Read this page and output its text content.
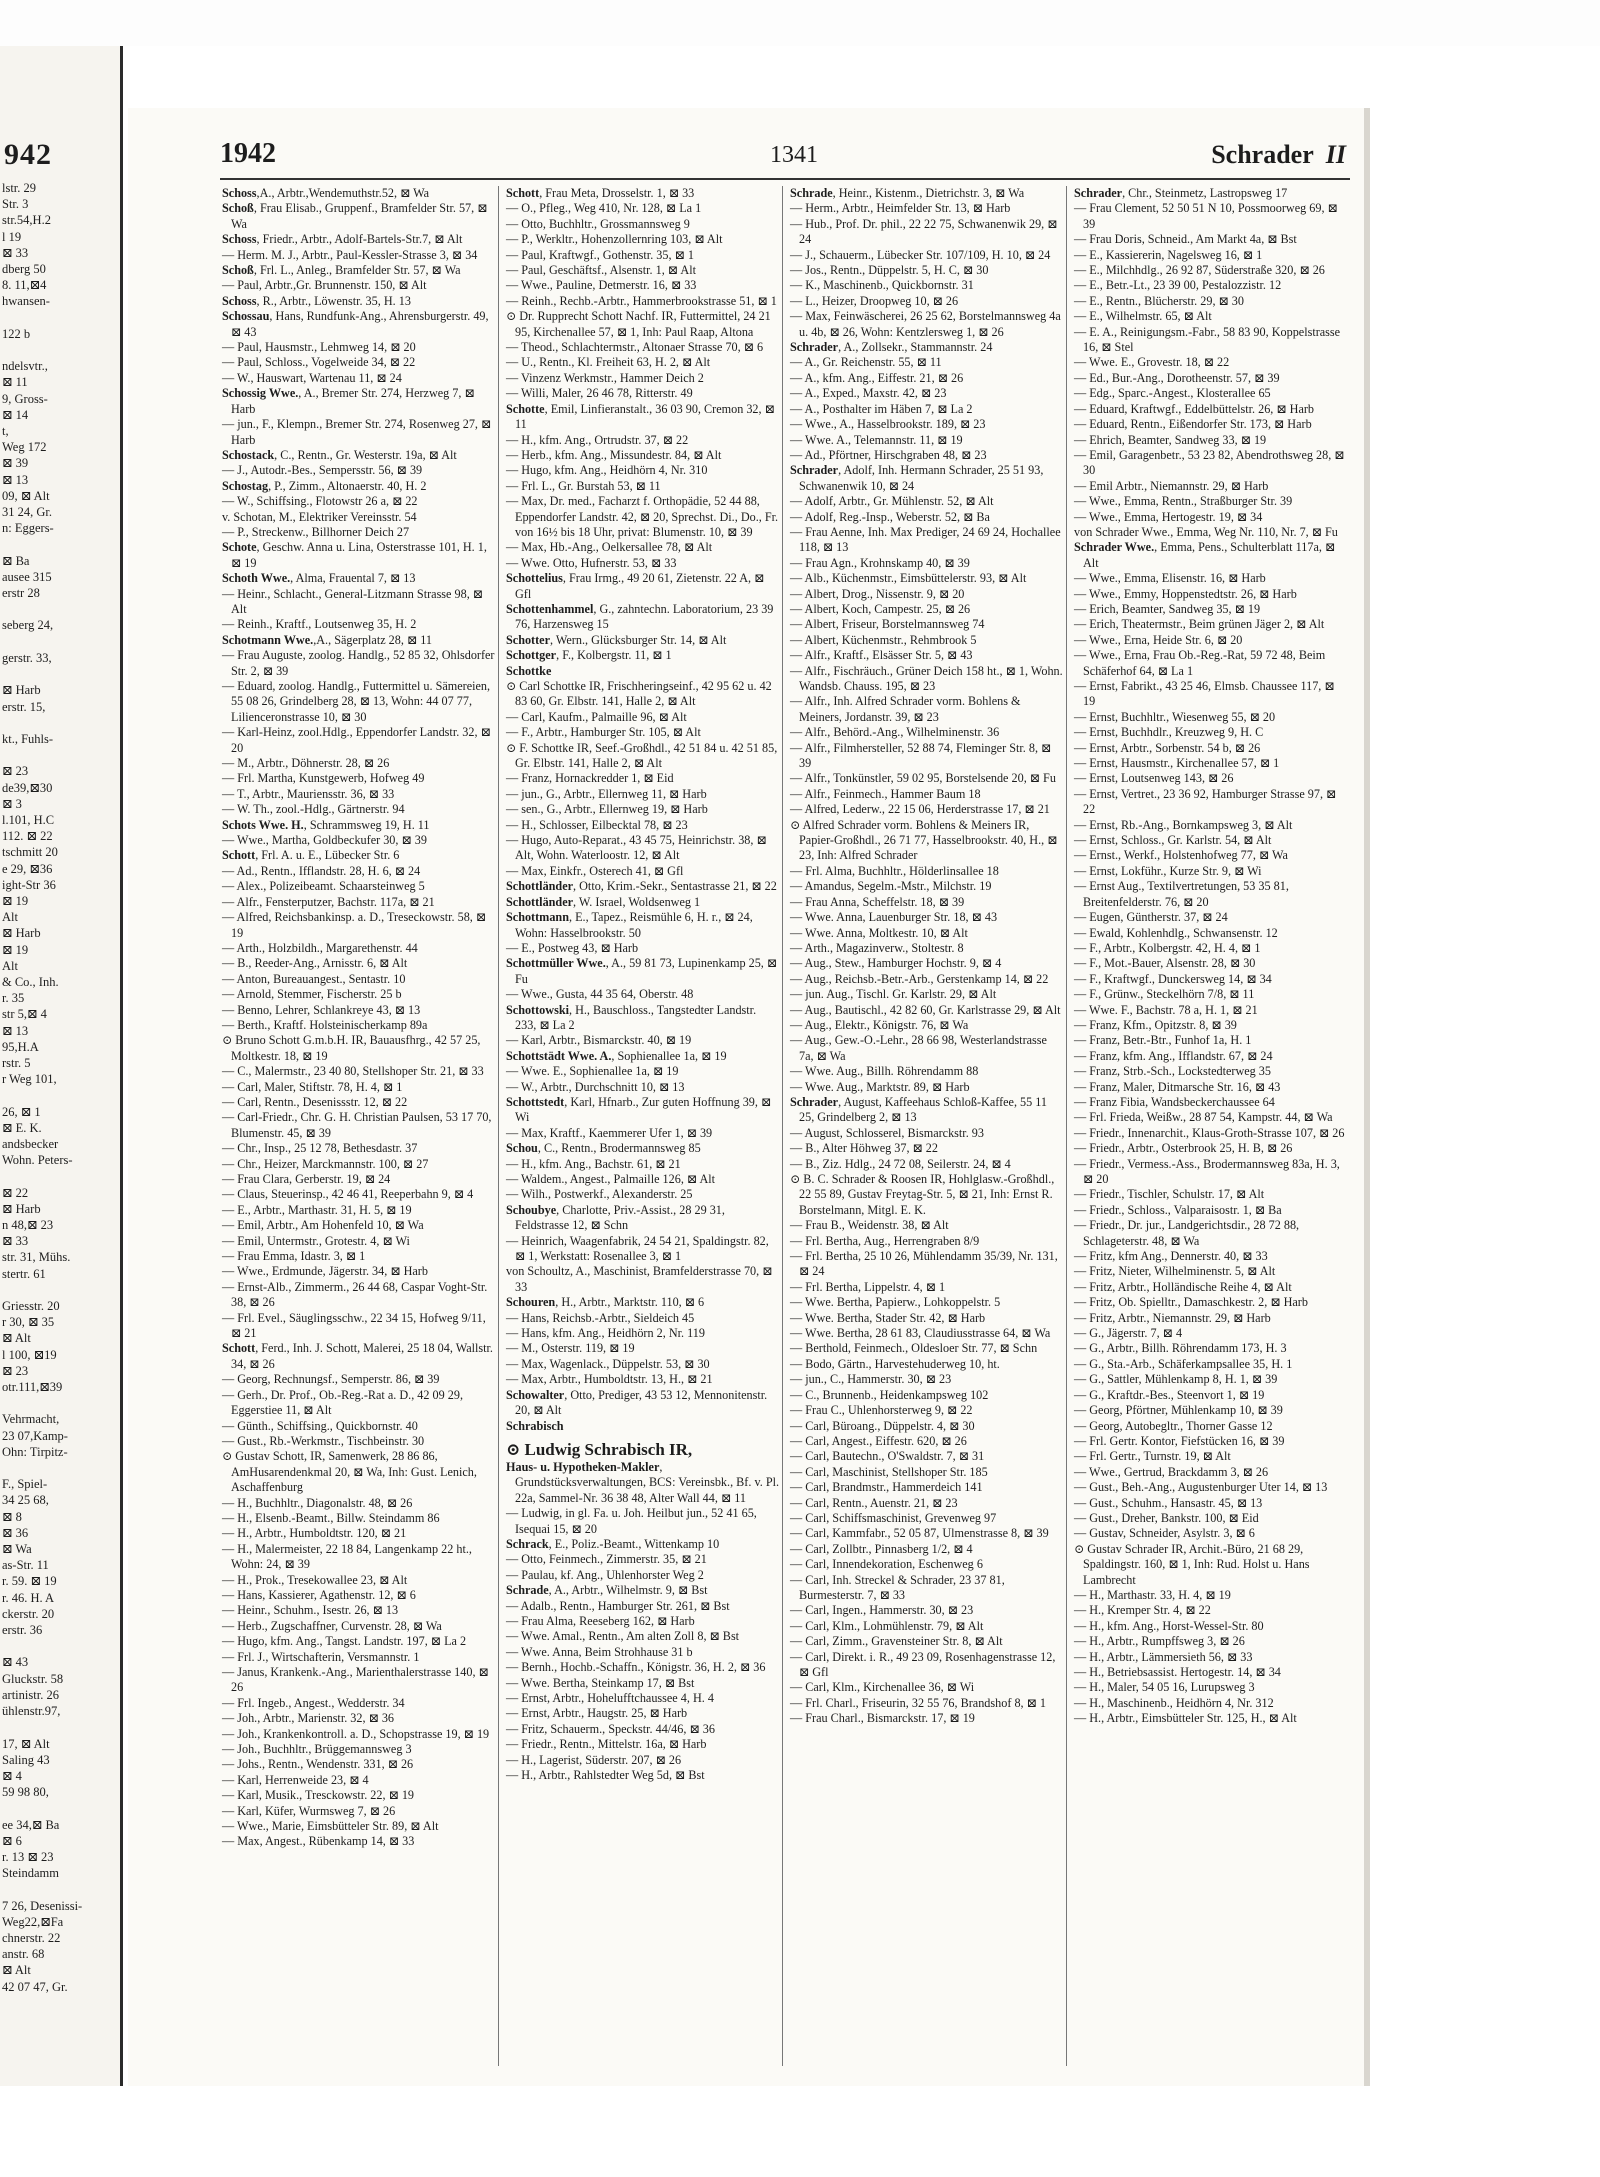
942
lstr. 29
Str. 3
str.54,H.2
l 19
⊠ 33
dberg 50
8. 11,⊠4
hwansen-

122 b

ndelsvtr.,
⊠ 11
9, Gross-
⊠ 14
t,
Weg 172
⊠ 39
⊠ 13
09, ⊠ Alt
31 24, Gr.
n: Eggers-

⊠ Ba
ausee 315
erstr 28

seberg 24,

gerstr. 33,

⊠ Harb
erstr. 15,

kt., Fuhls-

⊠ 23
de39,⊠30
⊠ 3
l.101, H.C
112. ⊠ 22
tschmitt 20
e 29, ⊠36
ight-Str 36
⊠ 19
Alt
⊠ Harb
⊠ 19
Alt
& Co., Inh.
r. 35
str 5,⊠ 4
⊠ 13
95,H.A
rstr. 5
r Weg 101,

26, ⊠ 1
⊠ E. K.
andsbecker
Wohn. Peters-

⊠ 22
⊠ Harb
n 48,⊠ 23
⊠ 33
str. 31, Mühs.
stertr. 61

Griesstr. 20
r 30, ⊠ 35
⊠ Alt
l 100, ⊠19
⊠ 23
otr.111,⊠39

Vehrmacht,
23 07,Kamp-
Ohn: Tirpitz-

F., Spiel-
34 25 68,
⊠ 8
⊠ 36
⊠ Wa
as-Str. 11
r. 59. ⊠ 19
r. 46. H. A
ckerstr. 20
erstr. 36

⊠ 43
Gluckstr. 58
artinistr. 26
ühlenstr.97,

17, ⊠ Alt
Saling 43
⊠ 4
59 98 80,

ee 34,⊠ Ba
⊠ 6
r. 13 ⊠ 23
Steindamm

7 26, Desenissi-
Weg22,⊠Fa
chnerstr. 22
anstr. 68
⊠ Alt
42 07 47, Gr.
1942	1341	Schrader II

Schoss,A., Arbtr.,Wendemuthstr.52, ⊠ Wa

Schoß, Frau Elisab., Gruppenf., Bramfelder Str. 57, ⊠ Wa

Schoss, Friedr., Arbtr., Adolf-Bartels-Str.7, ⊠ Alt

— Herm. M. J., Arbtr., Paul-Kessler-Strasse 3, ⊠ 34

Schoß, Frl. L., Anleg., Bramfelder Str. 57, ⊠ Wa

— Paul, Arbtr.,Gr. Brunnenstr. 150, ⊠ Alt

Schoss, R., Arbtr., Löwenstr. 35, H. 13

Schossau, Hans, Rundfunk-Ang., Ahrensburgerstr. 49, ⊠ 43

— Paul, Hausmstr., Lehmweg 14, ⊠ 20

— Paul, Schloss., Vogelweide 34, ⊠ 22

— W., Hauswart, Wartenau 11, ⊠ 24

Schossig Wwe., A., Bremer Str. 274, Herzweg 7, ⊠ Harb

— jun., F., Klempn., Bremer Str. 274, Rosenweg 27, ⊠ Harb

Schostack, C., Rentn., Gr. Westerstr. 19a, ⊠ Alt

— J., Autodr.-Bes., Sempersstr. 56, ⊠ 39

Schostag, P., Zimm., Altonaerstr. 40, H. 2

— W., Schiffsing., Flotowstr 26 a, ⊠ 22

v. Schotan, M., Elektriker Vereinsstr. 54

— P., Streckenw., Billhorner Deich 27

Schote, Geschw. Anna u. Lina, Osterstrasse 101, H. 1, ⊠ 19

Schoth Wwe., Alma, Frauental 7, ⊠ 13

— Heinr., Schlacht., General-Litzmann Strasse 98, ⊠ Alt

— Reinh., Kraftf., Loutsenweg 35, H. 2

Schotmann Wwe.,A., Sägerplatz 28, ⊠ 11

— Frau Auguste, zoolog. Handlg., 52 85 32, Ohlsdorfer Str. 2, ⊠ 39

— Eduard, zoolog. Handlg., Futtermittel u. Sämereien, 55 08 26, Grindelberg 28, ⊠ 13, Wohn: 44 07 77, Lilienceronstrasse 10, ⊠ 30

— Karl-Heinz, zool.Hdlg., Eppendorfer Landstr. 32, ⊠ 20

— M., Arbtr., Döhnerstr. 28, ⊠ 26

— Frl. Martha, Kunstgewerb, Hofweg 49

— T., Arbtr., Mauriensstr. 36, ⊠ 33

— W. Th., zool.-Hdlg., Gärtnerstr. 94

Schots Wwe. H., Schrammsweg 19, H. 11

— Wwe., Martha, Goldbeckufer 30, ⊠ 39

Schott, Frl. A. u. E., Lübecker Str. 6

— Ad., Rentn., Ifflandstr. 28, H. 6, ⊠ 24

— Alex., Polizeibeamt. Schaarsteinweg 5

— Alfr., Fensterputzer, Bachstr. 117a, ⊠ 21

— Alfred, Reichsbankinsp. a. D., Treseckowstr. 58, ⊠ 19

— Arth., Holzbildh., Margarethenstr. 44

— B., Reeder-Ang., Arnisstr. 6, ⊠ Alt

— Anton, Bureauangest., Sentastr. 10

— Arnold, Stemmer, Fischerstr. 25 b

— Benno, Lehrer, Schlankreye 43, ⊠ 13

— Berth., Kraftf. Holsteinischerkamp 89a

⊙ Bruno Schott G.m.b.H. IR, Bauausfhrg., 42 57 25, Moltkestr. 18, ⊠ 19

— C., Malermstr., 23 40 80, Stellshoper Str. 21, ⊠ 33

— Carl, Maler, Stiftstr. 78, H. 4, ⊠ 1

— Carl, Rentn., Desenissstr. 12, ⊠ 22

— Carl-Friedr., Chr. G. H. Christian Paulsen, 53 17 70, Blumenstr. 45, ⊠ 39

— Chr., Insp., 25 12 78, Bethesdastr. 37

— Chr., Heizer, Marckmannstr. 100, ⊠ 27

— Frau Clara, Gerberstr. 19, ⊠ 24

— Claus, Steuerinsp., 42 46 41, Reeperbahn 9, ⊠ 4

— E., Arbtr., Marthastr. 31, H. 5, ⊠ 19

— Emil, Arbtr., Am Hohenfeld 10, ⊠ Wa

— Emil, Untermstr., Grotestr. 4, ⊠ Wi

— Frau Emma, Idastr. 3, ⊠ 1

— Wwe., Erdmunde, Jägerstr. 34, ⊠ Harb

— Ernst-Alb., Zimmerm., 26 44 68, Caspar Voght-Str. 38, ⊠ 26

— Frl. Evel., Säuglingsschw., 22 34 15, Hofweg 9/11, ⊠ 21

Schott, Ferd., Inh. J. Schott, Malerei, 25 18 04, Wallstr. 34, ⊠ 26

— Georg, Rechnungsf., Semperstr. 86, ⊠ 39

— Gerh., Dr. Prof., Ob.-Reg.-Rat a. D., 42 09 29, Eggerstiee 11, ⊠ Alt

— Günth., Schiffsing., Quickbornstr. 40

— Gust., Rb.-Werkmstr., Tischbeinstr. 30

⊙ Gustav Schott, IR, Samenwerk, 28 86 86, AmHusarendenkmal 20, ⊠ Wa, Inh: Gust. Lenich, Aschaffenburg

— H., Buchhltr., Diagonalstr. 48, ⊠ 26

— H., Elsenb.-Beamt., Billw. Steindamm 86

— H., Arbtr., Humboldtstr. 120, ⊠ 21

— H., Malermeister, 22 18 84, Langenkamp 22 ht., Wohn: 24, ⊠ 39

— H., Prok., Tresekowallee 23, ⊠ Alt

— Hans, Kassierer, Agathenstr. 12, ⊠ 6

— Heinr., Schuhm., Isestr. 26, ⊠ 13

— Herb., Zugschaffner, Curvenstr. 28, ⊠ Wa

— Hugo, kfm. Ang., Tangst. Landstr. 197, ⊠ La 2

— Frl. J., Wirtschafterin, Versmannstr. 1

— Janus, Krankenk.-Ang., Marienthalerstrasse 140, ⊠ 26

— Frl. Ingeb., Angest., Wedderstr. 34

— Joh., Arbtr., Marienstr. 32, ⊠ 36

— Joh., Krankenkontroll. a. D., Schopstrasse 19, ⊠ 19

— Joh., Buchhltr., Brüggemannsweg 3

— Johs., Rentn., Wendenstr. 331, ⊠ 26

— Karl, Herrenweide 23, ⊠ 4

— Karl, Musik., Tresckowstr. 22, ⊠ 19

— Karl, Küfer, Wurmsweg 7, ⊠ 26

— Wwe., Marie, Eimsbütteler Str. 89, ⊠ Alt

— Max, Angest., Rübenkamp 14, ⊠ 33

Schott, Frau Meta, Drosselstr. 1, ⊠ 33

— O., Pfleg., Weg 410, Nr. 128, ⊠ La 1

— Otto, Buchhltr., Grossmannsweg 9

— P., Werkltr., Hohenzollernring 103, ⊠ Alt

— Paul, Kraftwgf., Gothenstr. 35, ⊠ 1

— Paul, Geschäftsf., Alsenstr. 1, ⊠ Alt

— Wwe., Pauline, Detmerstr. 16, ⊠ 33

— Reinh., Rechb.-Arbtr., Hammerbrookstrasse 51, ⊠ 1

⊙ Dr. Rupprecht Schott Nachf. IR, Futtermittel, 24 21 95, Kirchenallee 57, ⊠ 1, Inh: Paul Raap, Altona

— Theod., Schlachtermstr., Altonaer Strasse 70, ⊠ 6

— U., Rentn., Kl. Freiheit 63, H. 2, ⊠ Alt

— Vinzenz Werkmstr., Hammer Deich 2

— Willi, Maler, 26 46 78, Ritterstr. 49

Schotte, Emil, Linfieranstalt., 36 03 90, Cremon 32, ⊠ 11

— H., kfm. Ang., Ortrudstr. 37, ⊠ 22

— Herb., kfm. Ang., Missundestr. 84, ⊠ Alt

— Hugo, kfm. Ang., Heidhörn 4, Nr. 310

— Frl. L., Gr. Burstah 53, ⊠ 11

— Max, Dr. med., Facharzt f. Orthopädie, 52 44 88, Eppendorfer Landstr. 42, ⊠ 20, Sprechst. Di., Do., Fr. von 16½ bis 18 Uhr, privat: Blumenstr. 10, ⊠ 39

— Max, Hb.-Ang., Oelkersallee 78, ⊠ Alt

— Wwe. Otto, Hufnerstr. 53, ⊠ 33

Schottelius, Frau Irmg., 49 20 61, Zietenstr. 22 A, ⊠ Gfl

Schottenhammel, G., zahntechn. Laboratorium, 23 39 76, Harzensweg 15

Schotter, Wern., Glücksburger Str. 14, ⊠ Alt

Schottger, F., Kolbergstr. 11, ⊠ 1

Schottke

⊙ Carl Schottke IR, Frischheringseinf., 42 95 62 u. 42 83 60, Gr. Elbstr. 141, Halle 2, ⊠ Alt

— Carl, Kaufm., Palmaille 96, ⊠ Alt

— F., Arbtr., Hamburger Str. 105, ⊠ Alt

⊙ F. Schottke IR, Seef.-Großhdl., 42 51 84 u. 42 51 85, Gr. Elbstr. 141, Halle 2, ⊠ Alt

— Franz, Hornackredder 1, ⊠ Eid

— jun., G., Arbtr., Ellernweg 11, ⊠ Harb

— sen., G., Arbtr., Ellernweg 19, ⊠ Harb

— H., Schlosser, Eilbecktal 78, ⊠ 23

— Hugo, Auto-Reparat., 43 45 75, Heinrichstr. 38, ⊠ Alt, Wohn. Waterloostr. 12, ⊠ Alt

— Max, Einkfr., Osterech 41, ⊠ Gfl

Schottländer, Otto, Krim.-Sekr., Sentastrasse 21, ⊠ 22

Schottländer, W. Israel, Woldsenweg 1

Schottmann, E., Tapez., Reismühle 6, H. r., ⊠ 24, Wohn: Hasselbrookstr. 50

— E., Postweg 43, ⊠ Harb

Schottmüller Wwe., A., 59 81 73, Lupinenkamp 25, ⊠ Fu

— Wwe., Gusta, 44 35 64, Oberstr. 48

Schottowski, H., Bauschloss., Tangstedter Landstr. 233, ⊠ La 2

— Karl, Arbtr., Bismarckstr. 40, ⊠ 19

Schottstädt Wwe. A., Sophienallee 1a, ⊠ 19

— Wwe. E., Sophienallee 1a, ⊠ 19

— W., Arbtr., Durchschnitt 10, ⊠ 13

Schottstedt, Karl, Hfnarb., Zur guten Hoffnung 39, ⊠ Wi

— Max, Kraftf., Kaemmerer Ufer 1, ⊠ 39

Schou, C., Rentn., Brodermannsweg 85

— H., kfm. Ang., Bachstr. 61, ⊠ 21

— Waldem., Angest., Palmaille 126, ⊠ Alt

— Wilh., Postwerkf., Alexanderstr. 25

Schoubye, Charlotte, Priv.-Assist., 28 29 31, Feldstrasse 12, ⊠ Schn

— Heinrich, Waagenfabrik, 24 54 21, Spaldingstr. 82, ⊠ 1, Werkstatt: Rosenallee 3, ⊠ 1

von Schoultz, A., Maschinist, Bramfelderstrasse 70, ⊠ 33

Schouren, H., Arbtr., Marktstr. 110, ⊠ 6

— Hans, Reichsb.-Arbtr., Sieldeich 45

— Hans, kfm. Ang., Heidhörn 2, Nr. 119

— M., Osterstr. 119, ⊠ 19

— Max, Wagenlack., Düppelstr. 53, ⊠ 30

— Max, Arbtr., Humboldtstr. 13, H., ⊠ 21

Schowalter, Otto, Prediger, 43 53 12, Mennonitenstr. 20, ⊠ Alt

Schrabisch

⊙ Ludwig Schrabisch IR,

Haus- u. Hypotheken-Makler, Grundstücksverwaltungen, BCS: Vereinsbk., Bf. v. Pl. 22a, Sammel-Nr. 36 38 48, Alter Wall 44, ⊠ 11

— Ludwig, in gl. Fa. u. Joh. Heilbut jun., 52 41 65, Isequai 15, ⊠ 20

Schrack, E., Poliz.-Beamt., Wittenkamp 10

— Otto, Feinmech., Zimmerstr. 35, ⊠ 21

— Paulau, kf. Ang., Uhlenhorster Weg 2

Schrade, A., Arbtr., Wilhelmstr. 9, ⊠ Bst

— Adalb., Rentn., Hamburger Str. 261, ⊠ Bst

— Frau Alma, Reeseberg 162, ⊠ Harb

— Wwe. Amal., Rentn., Am alten Zoll 8, ⊠ Bst

— Wwe. Anna, Beim Strohhause 31 b

— Bernh., Hochb.-Schaffn., Königstr. 36, H. 2, ⊠ 36

— Wwe. Bertha, Steinkamp 17, ⊠ Bst

— Ernst, Arbtr., Hohelufftchaussee 4, H. 4

— Ernst, Arbtr., Haugstr. 25, ⊠ Harb

— Fritz, Schauerm., Speckstr. 44/46, ⊠ 36

— Friedr., Rentn., Mittelstr. 16a, ⊠ Harb

— H., Lagerist, Süderstr. 207, ⊠ 26

— H., Arbtr., Rahlstedter Weg 5d, ⊠ Bst

Schrade, Heinr., Kistenm., Dietrichstr. 3, ⊠ Wa

— Herm., Arbtr., Heimfelder Str. 13, ⊠ Harb

— Hub., Prof. Dr. phil., 22 22 75, Schwanenwik 29, ⊠ 24

— J., Schauerm., Lübecker Str. 107/109, H. 10, ⊠ 24

— Jos., Rentn., Düppelstr. 5, H. C, ⊠ 30

— K., Maschinenb., Quickbornstr. 31

— L., Heizer, Droopweg 10, ⊠ 26

— Max, Feinwäscherei, 26 25 62, Borstelmannsweg 4a u. 4b, ⊠ 26, Wohn: Kentzlersweg 1, ⊠ 26

Schrader, A., Zollsekr., Stammannstr. 24

— A., Gr. Reichenstr. 55, ⊠ 11

— A., kfm. Ang., Eiffestr. 21, ⊠ 26

— A., Exped., Maxstr. 42, ⊠ 23

— A., Posthalter im Häben 7, ⊠ La 2

— Wwe., A., Hasselbrookstr. 189, ⊠ 23

— Wwe. A., Telemannstr. 11, ⊠ 19

— Ad., Pförtner, Hirschgraben 48, ⊠ 23

Schrader, Adolf, Inh. Hermann Schrader, 25 51 93, Schwanenwik 10, ⊠ 24

— Adolf, Arbtr., Gr. Mühlenstr. 52, ⊠ Alt

— Adolf, Reg.-Insp., Weberstr. 52, ⊠ Ba

— Frau Aenne, Inh. Max Prediger, 24 69 24, Hochallee 118, ⊠ 13

— Frau Agn., Krohnskamp 40, ⊠ 39

— Alb., Küchenmstr., Eimsbüttelerstr. 93, ⊠ Alt

— Albert, Drog., Nissenstr. 9, ⊠ 20

— Albert, Koch, Campestr. 25, ⊠ 26

— Albert, Friseur, Borstelmannsweg 74

— Albert, Küchenmstr., Rehmbrook 5

— Alfr., Kraftf., Elsässer Str. 5, ⊠ 43

— Alfr., Fischräuch., Grüner Deich 158 ht., ⊠ 1, Wohn. Wandsb. Chauss. 195, ⊠ 23

— Alfr., Inh. Alfred Schrader vorm. Bohlens & Meiners, Jordanstr. 39, ⊠ 23

— Alfr., Behörd.-Ang., Wilhelminenstr. 36

— Alfr., Filmhersteller, 52 88 74, Fleminger Str. 8, ⊠ 39

— Alfr., Tonkünstler, 59 02 95, Borstelsende 20, ⊠ Fu

— Alfr., Feinmech., Hammer Baum 18

— Alfred, Lederw., 22 15 06, Herderstrasse 17, ⊠ 21

⊙ Alfred Schrader vorm. Bohlens & Meiners IR, Papier-Großhdl., 26 71 77, Hasselbrookstr. 40, H., ⊠ 23, Inh: Alfred Schrader

— Frl. Alma, Buchhltr., Hölderlinsallee 18

— Amandus, Segelm.-Mstr., Milchstr. 19

— Frau Anna, Scheffelstr. 18, ⊠ 39

— Wwe. Anna, Lauenburger Str. 18, ⊠ 43

— Wwe. Anna, Moltkestr. 10, ⊠ Alt

— Arth., Magazinverw., Stoltestr. 8

— Aug., Stew., Hamburger Hochstr. 9, ⊠ 4

— Aug., Reichsb.-Betr.-Arb., Gerstenkamp 14, ⊠ 22

— jun. Aug., Tischl. Gr. Karlstr. 29, ⊠ Alt

— Aug., Bautischl., 42 82 60, Gr. Karlstrasse 29, ⊠ Alt

— Aug., Elektr., Königstr. 76, ⊠ Wa

— Aug., Gew.-O.-Lehr., 28 66 98, Westerlandstrasse 7a, ⊠ Wa

— Wwe. Aug., Billh. Röhrendamm 88

— Wwe. Aug., Marktstr. 89, ⊠ Harb

Schrader, August, Kaffeehaus Schloß-Kaffee, 55 11 25, Grindelberg 2, ⊠ 13

— August, Schlosserel, Bismarckstr. 93

— B., Alter Höhweg 37, ⊠ 22

— B., Ziz. Hdlg., 24 72 08, Seilerstr. 24, ⊠ 4

⊙ B. C. Schrader & Roosen IR, Hohlglasw.-Großhdl., 22 55 89, Gustav Freytag-Str. 5, ⊠ 21, Inh: Ernst R. Borstelmann, Mitgl. E. K.

— Frau B., Weidenstr. 38, ⊠ Alt

— Frl. Bertha, Aug., Herrengraben 8/9

— Frl. Bertha, 25 10 26, Mühlendamm 35/39, Nr. 131, ⊠ 24

— Frl. Bertha, Lippelstr. 4, ⊠ 1

— Wwe. Bertha, Papierw., Lohkoppelstr. 5

— Wwe. Bertha, Stader Str. 42, ⊠ Harb

— Wwe. Bertha, 28 61 83, Claudiusstrasse 64, ⊠ Wa

— Berthold, Feinmech., Oldesloer Str. 77, ⊠ Schn

— Bodo, Gärtn., Harvestehuderweg 10, ht.

— jun., C., Hammerstr. 30, ⊠ 23

— C., Brunnenb., Heidenkampsweg 102

— Frau C., Uhlenhorsterweg 9, ⊠ 22

— Carl, Büroang., Düppelstr. 4, ⊠ 30

— Carl, Angest., Eiffestr. 620, ⊠ 26

— Carl, Bautechn., O'Swaldstr. 7, ⊠ 31

— Carl, Maschinist, Stellshoper Str. 185

— Carl, Brandmstr., Hammerdeich 141

— Carl, Rentn., Auenstr. 21, ⊠ 23

— Carl, Schiffsmaschinist, Grevenweg 97

— Carl, Kammfabr., 52 05 87, Ulmenstrasse 8, ⊠ 39

— Carl, Zollbtr., Pinnasberg 1/2, ⊠ 4

— Carl, Innendekoration, Eschenweg 6

— Carl, Inh. Streckel & Schrader, 23 37 81, Burmesterstr. 7, ⊠ 33

— Carl, Ingen., Hammerstr. 30, ⊠ 23

— Carl, Klm., Lohmühlenstr. 79, ⊠ Alt

— Carl, Zimm., Gravensteiner Str. 8, ⊠ Alt

— Carl, Direkt. i. R., 49 23 09, Rosenhagenstrasse 12, ⊠ Gfl

— Carl, Klm., Kirchenallee 36, ⊠ Wi

— Frl. Charl., Friseurin, 32 55 76, Brandshof 8, ⊠ 1

— Frau Charl., Bismarckstr. 17, ⊠ 19

Schrader, Chr., Steinmetz, Lastropsweg 17

— Frau Clement, 52 50 51 N 10, Possmoorweg 69, ⊠ 39

— Frau Doris, Schneid., Am Markt 4a, ⊠ Bst

— E., Kassiererin, Nagelsweg 16, ⊠ 1

— E., Milchhdlg., 26 92 87, Süderstraße 320, ⊠ 26

— E., Betr.-Lt., 23 39 00, Pestalozzistr. 12

— E., Rentn., Blücherstr. 29, ⊠ 30

— E., Wilhelmstr. 65, ⊠ Alt

— E. A., Reinigungsm.-Fabr., 58 83 90, Koppelstrasse 16, ⊠ Stel

— Wwe. E., Grovestr. 18, ⊠ 22

— Ed., Bur.-Ang., Dorotheenstr. 57, ⊠ 39

— Edg., Sparc.-Angest., Klosterallee 65

— Eduard, Kraftwgf., Eddelbüttelstr. 26, ⊠ Harb

— Eduard, Rentn., Eißendorfer Str. 173, ⊠ Harb

— Ehrich, Beamter, Sandweg 33, ⊠ 19

— Emil, Garagenbetr., 53 23 82, Abendrothsweg 28, ⊠ 30

— Emil Arbtr., Niemannstr. 29, ⊠ Harb

— Wwe., Emma, Rentn., Straßburger Str. 39

— Wwe., Emma, Hertogestr. 19, ⊠ 34

von Schrader Wwe., Emma, Weg Nr. 110, Nr. 7, ⊠ Fu

Schrader Wwe., Emma, Pens., Schulterblatt 117a, ⊠ Alt

— Wwe., Emma, Elisenstr. 16, ⊠ Harb

— Wwe., Emmy, Hoppenstedtstr. 26, ⊠ Harb

— Erich, Beamter, Sandweg 35, ⊠ 19

— Erich, Theatermstr., Beim grünen Jäger 2, ⊠ Alt

— Wwe., Erna, Heide Str. 6, ⊠ 20

— Wwe., Erna, Frau Ob.-Reg.-Rat, 59 72 48, Beim Schäferhof 64, ⊠ La 1

— Ernst, Fabrikt., 43 25 46, Elmsb. Chaussee 117, ⊠ 19

— Ernst, Buchhltr., Wiesenweg 55, ⊠ 20

— Ernst, Buchhdlr., Kreuzweg 9, H. C

— Ernst, Arbtr., Sorbenstr. 54 b, ⊠ 26

— Ernst, Hausmstr., Kirchenallee 57, ⊠ 1

— Ernst, Loutsenweg 143, ⊠ 26

— Ernst, Vertret., 23 36 92, Hamburger Strasse 97, ⊠ 22

— Ernst, Rb.-Ang., Bornkampsweg 3, ⊠ Alt

— Ernst, Schloss., Gr. Karlstr. 54, ⊠ Alt

— Ernst., Werkf., Holstenhofweg 77, ⊠ Wa

— Ernst, Lokführ., Kurze Str. 9, ⊠ Wi

— Ernst Aug., Textilvertretungen, 53 35 81, Breitenfelderstr. 76, ⊠ 20

— Eugen, Güntherstr. 37, ⊠ 24

— Ewald, Kohlenhdlg., Schwansenstr. 12

— F., Arbtr., Kolbergstr. 42, H. 4, ⊠ 1

— F., Mot.-Bauer, Alsenstr. 28, ⊠ 30

— F., Kraftwgf., Dunckersweg 14, ⊠ 34

— F., Grünw., Steckelhörn 7/8, ⊠ 11

— Wwe. F., Bachstr. 78 a, H. 1, ⊠ 21

— Franz, Kfm., Opitzstr. 8, ⊠ 39

— Franz, Betr.-Btr., Funhof 1a, H. 1

— Franz, kfm. Ang., Ifflandstr. 67, ⊠ 24

— Franz, Strb.-Sch., Lockstedterweg 35

— Franz, Maler, Ditmarsche Str. 16, ⊠ 43

— Franz Fibia, Wandsbeckerchaussee 64

— Frl. Frieda, Weißw., 28 87 54, Kampstr. 44, ⊠ Wa

— Friedr., Innenarchit., Klaus-Groth-Strasse 107, ⊠ 26

— Friedr., Arbtr., Osterbrook 25, H. B, ⊠ 26

— Friedr., Vermess.-Ass., Brodermannsweg 83a, H. 3, ⊠ 20

— Friedr., Tischler, Schulstr. 17, ⊠ Alt

— Friedr., Schloss., Valparaisostr. 1, ⊠ Ba

— Friedr., Dr. jur., Landgerichtsdir., 28 72 88, Schlageterstr. 48, ⊠ Wa

— Fritz, kfm Ang., Dennerstr. 40, ⊠ 33

— Fritz, Nieter, Wilhelminenstr. 5, ⊠ Alt

— Fritz, Arbtr., Holländische Reihe 4, ⊠ Alt

— Fritz, Ob. Spielltr., Damaschkestr. 2, ⊠ Harb

— Fritz, Arbtr., Niemannstr. 29, ⊠ Harb

— G., Jägerstr. 7, ⊠ 4

— G., Arbtr., Billh. Röhrendamm 173, H. 3

— G., Sta.-Arb., Schäferkampsallee 35, H. 1

— G., Sattler, Mühlenkamp 8, H. 1, ⊠ 39

— G., Kraftdr.-Bes., Steenvort 1, ⊠ 19

— Georg, Pförtner, Mühlenkamp 10, ⊠ 39

— Georg, Autobegltr., Thorner Gasse 12

— Frl. Gertr. Kontor, Fiefstücken 16, ⊠ 39

— Frl. Gertr., Turnstr. 19, ⊠ Alt

— Wwe., Gertrud, Brackdamm 3, ⊠ 26

— Gust., Beh.-Ang., Augustenburger Uter 14, ⊠ 13

— Gust., Schuhm., Hansastr. 45, ⊠ 13

— Gust., Dreher, Bankstr. 100, ⊠ Eid

— Gustav, Schneider, Asylstr. 3, ⊠ 6

⊙ Gustav Schrader IR, Archit.-Büro, 21 68 29, Spaldingstr. 160, ⊠ 1, Inh: Rud. Holst u. Hans Lambrecht

— H., Marthastr. 33, H. 4, ⊠ 19

— H., Kremper Str. 4, ⊠ 22

— H., kfm. Ang., Horst-Wessel-Str. 80

— H., Arbtr., Rumpffsweg 3, ⊠ 26

— H., Arbtr., Lämmersieth 56, ⊠ 33

— H., Betriebsassist. Hertogestr. 14, ⊠ 34

— H., Maler, 54 05 16, Lurupsweg 3

— H., Maschinenb., Heidhörn 4, Nr. 312

— H., Arbtr., Eimsbütteler Str. 125, H., ⊠ Alt
